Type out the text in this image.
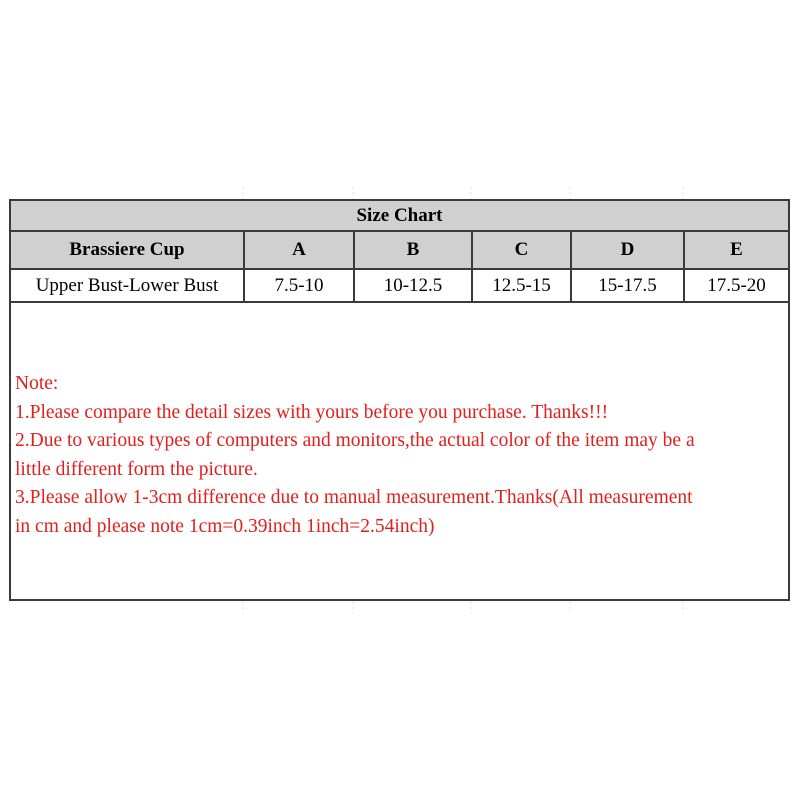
Size Chart
Brassiere Cup	A	B	C	D	E
Upper Bust-Lower Bust	7.5-10	10-12.5	12.5-15	15-17.5	17.5-20
Note:
1.Please compare the detail sizes with yours before you purchase. Thanks!!!
2.Due to various types of computers and monitors,the actual color of the item may be a
little different form the picture.
3.Please allow 1-3cm difference due to manual measurement.Thanks(All measurement
in cm and please note 1cm=0.39inch 1inch=2.54inch)
